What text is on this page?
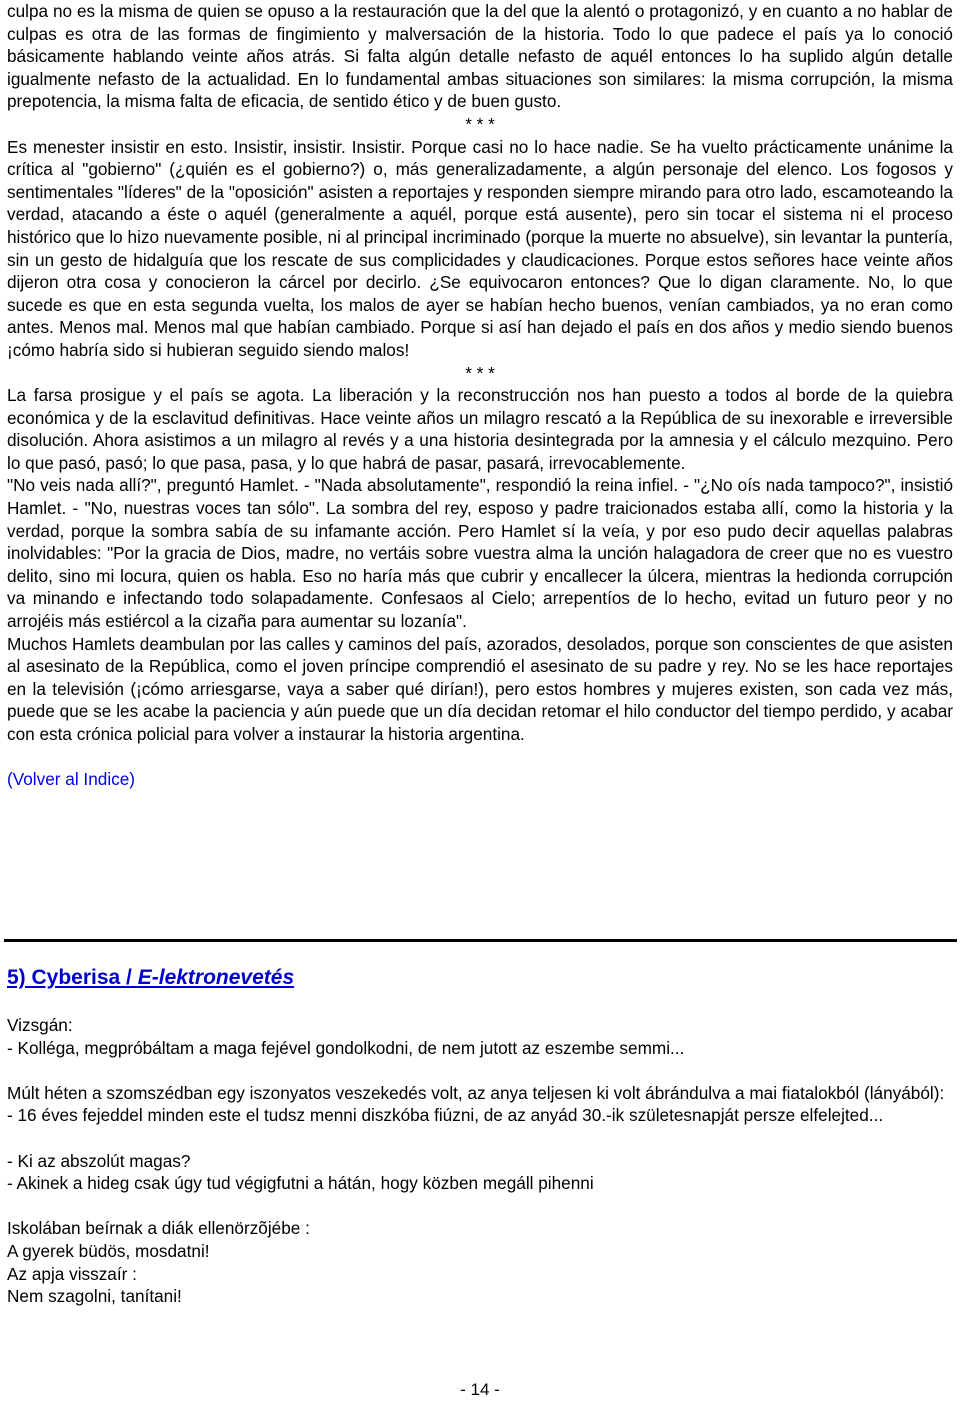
culpa no es la misma de quien se opuso a la restauración que la del que la alentó o protagonizó, y en cuanto a no hablar de culpas es otra de las formas de fingimiento y malversación de la historia. Todo lo que padece el país ya lo conoció básicamente hablando veinte años atrás. Si falta algún detalle nefasto de aquél entonces lo ha suplido algún detalle igualmente nefasto de la actualidad. En lo fundamental ambas situaciones son similares: la misma corrupción, la misma prepotencia, la misma falta de eficacia, de sentido ético y de buen gusto.

* * *

Es menester insistir en esto. Insistir, insistir. Insistir. Porque casi no lo hace nadie. Se ha vuelto prácticamente unánime la crítica al "gobierno" (¿quién es el gobierno?) o, más generalizadamente, a algún personaje del elenco. Los fogosos y sentimentales "líderes" de la "oposición" asisten a reportajes y responden siempre mirando para otro lado, escamoteando la verdad, atacando a éste o aquél (generalmente a aquél, porque está ausente), pero sin tocar el sistema ni el proceso histórico que lo hizo nuevamente posible, ni al principal incriminado (porque la muerte no absuelve), sin levantar la puntería, sin un gesto de hidalguía que los rescate de sus complicidades y claudicaciones. Porque estos señores hace veinte años dijeron otra cosa y conocieron la cárcel por decirlo. ¿Se equivocaron entonces? Que lo digan claramente. No, lo que sucede es que en esta segunda vuelta, los malos de ayer se habían hecho buenos, venían cambiados, ya no eran como antes. Menos mal. Menos mal que habían cambiado. Porque si así han dejado el país en dos años y medio siendo buenos ¡cómo habría sido si hubieran seguido siendo malos!

* * *

La farsa prosigue y el país se agota. La liberación y la reconstrucción nos han puesto a todos al borde de la quiebra económica y de la esclavitud definitivas. Hace veinte años un milagro rescató a la República de su inexorable e irreversible disolución. Ahora asistimos a un milagro al revés y a una historia desintegrada por la amnesia y el cálculo mezquino. Pero lo que pasó, pasó; lo que pasa, pasa, y lo que habrá de pasar, pasará, irrevocablemente.

"No veis nada allí?", preguntó Hamlet. - "Nada absolutamente", respondió la reina infiel. - "¿No oís nada tampoco?", insistió Hamlet. - "No, nuestras voces tan sólo". La sombra del rey, esposo y padre traicionados estaba allí, como la historia y la verdad, porque la sombra sabía de su infamante acción. Pero Hamlet sí la veía, y por eso pudo decir aquellas palabras inolvidables: "Por la gracia de Dios, madre, no vertáis sobre vuestra alma la unción halagadora de creer que no es vuestro delito, sino mi locura, quien os habla. Eso no haría más que cubrir y encallecer la úlcera, mientras la hedionda corrupción va minando e infectando todo solapadamente. Confesaos al Cielo; arrepentíos de lo hecho, evitad un futuro peor y no arrojéis más estiércol a la cizaña para aumentar su lozanía".

Muchos Hamlets deambulan por las calles y caminos del país, azorados, desolados, porque son conscientes de que asisten al asesinato de la República, como el joven príncipe comprendió el asesinato de su padre y rey. No se les hace reportajes en la televisión (¡cómo arriesgarse, vaya a saber qué dirían!), pero estos hombres y mujeres existen, son cada vez más, puede que se les acabe la paciencia y aún puede que un día decidan retomar el hilo conductor del tiempo perdido, y acabar con esta crónica policial para volver a instaurar la historia argentina.

(Volver al Indice)

5) Cyberisa / E-lektronevetés

Vizsgán:

- Kolléga, megpróbáltam a maga fejével gondolkodni, de nem jutott az eszembe semmi...

Múlt héten a szomszédban egy iszonyatos veszekedés volt, az anya teljesen ki volt ábrándulva a mai fiatalokból (lányából):

- 16 éves fejeddel minden este el tudsz menni diszkóba fiúzni, de az anyád 30.-ik születesnapját persze elfelejted...

- Ki az abszolút magas?

- Akinek a hideg csak úgy tud végigfutni a hátán, hogy közben megáll pihenni

Iskolában beírnak a diák ellenörzõjébe :

A gyerek büdös, mosdatni!

Az apja visszaír :

Nem szagolni, tanítani!

- 14 -
